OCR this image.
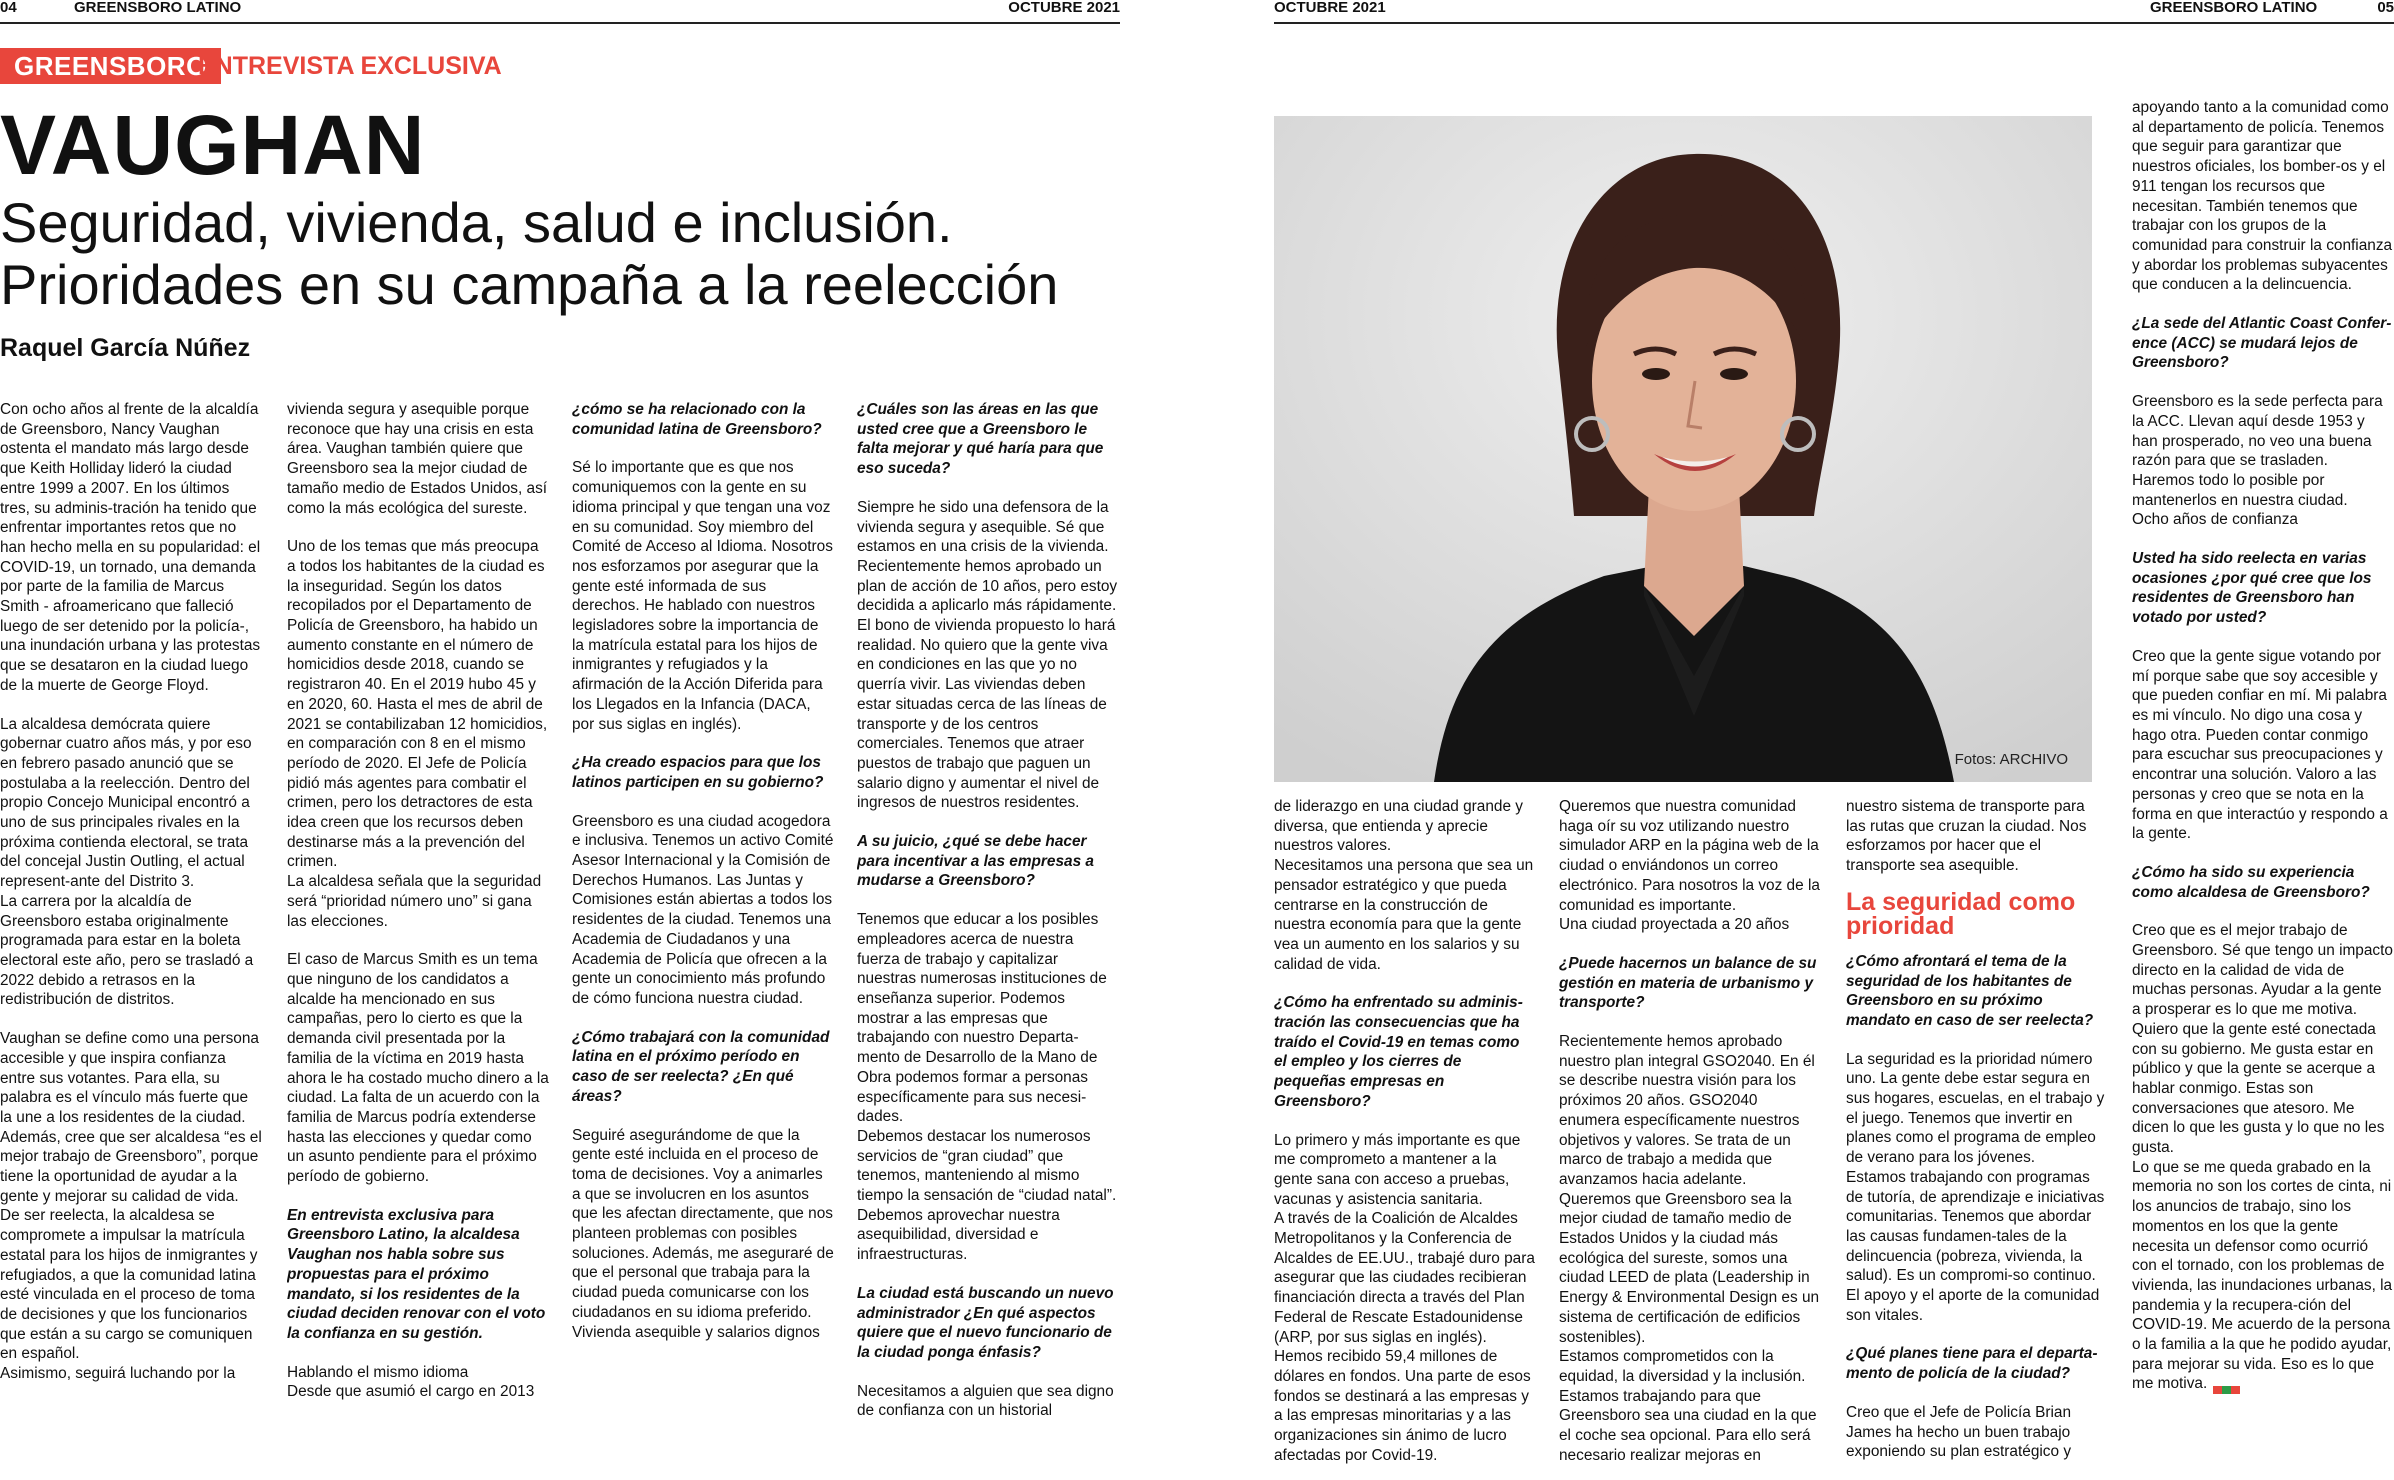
04	GREENSBORO LATINO	OCTUBRE 2021
GREENSBORO
ENTREVISTA EXCLUSIVA
VAUGHAN
Seguridad, vivienda, salud e inclusión.
Prioridades en su campaña a la reelección
Raquel García Núñez

Con ocho años al frente de la alcaldía de Greensboro, Nancy Vaughan ostenta el mandato más largo desde que Keith Holliday lideró la ciudad entre 1999 a 2007. En los últimos tres, su adminis-tración ha tenido que enfrentar importantes retos que no han hecho mella en su popularidad: el COVID-19, un tornado, una demanda por parte de la familia de Marcus Smith - afroamericano que falleció luego de ser detenido por la policía-, una inundación urbana y las protestas que se desataron en la ciudad luego de la muerte de George Floyd.

La alcaldesa demócrata quiere gobernar cuatro años más, y por eso en febrero pasado anunció que se postulaba a la reelección. Dentro del propio Concejo Municipal encontró a uno de sus principales rivales en la próxima contienda electoral, se trata del concejal Justin Outling, el actual represent-ante del Distrito 3.

La carrera por la alcaldía de Greensboro estaba originalmente programada para estar en la boleta electoral este año, pero se trasladó a 2022 debido a retrasos en la redistribución de distritos.

Vaughan se define como una persona accesible y que inspira confianza entre sus votantes. Para ella, su palabra es el vínculo más fuerte que la une a los residentes de la ciudad. Además, cree que ser alcaldesa “es el mejor trabajo de Greensboro”, porque tiene la oportunidad de ayudar a la gente y mejorar su calidad de vida.

De ser reelecta, la alcaldesa se compromete a impulsar la matrícula estatal para los hijos de inmigrantes y refugiados, a que la comunidad latina esté vinculada en el proceso de toma de decisiones y que los funcionarios que están a su cargo se comuniquen en español.

Asimismo, seguirá luchando por la

vivienda segura y asequible porque reconoce que hay una crisis en esta área. Vaughan también quiere que Greensboro sea la mejor ciudad de tamaño medio de Estados Unidos, así como la más ecológica del sureste.

Uno de los temas que más preocupa a todos los habitantes de la ciudad es la inseguridad. Según los datos recopilados por el Departamento de Policía de Greensboro, ha habido un aumento constante en el número de homicidios desde 2018, cuando se registraron 40. En el 2019 hubo 45 y en 2020, 60. Hasta el mes de abril de 2021 se contabilizaban 12 homicidios, en comparación con 8 en el mismo período de 2020. El Jefe de Policía pidió más agentes para combatir el crimen, pero los detractores de esta idea creen que los recursos deben destinarse más a la prevención del crimen.

La alcaldesa señala que la seguridad será “prioridad número uno” si gana las elecciones.

El caso de Marcus Smith es un tema que ninguno de los candidatos a alcalde ha mencionado en sus campañas, pero lo cierto es que la demanda civil presentada por la familia de la víctima en 2019 hasta ahora le ha costado mucho dinero a la ciudad. La falta de un acuerdo con la familia de Marcus podría extenderse hasta las elecciones y quedar como un asunto pendiente para el próximo período de gobierno.

En entrevista exclusiva para Greensboro Latino, la alcaldesa Vaughan nos habla sobre sus propuestas para el próximo mandato, si los residentes de la ciudad deciden renovar con el voto la confianza en su gestión.

Hablando el mismo idioma

Desde que asumió el cargo en 2013

¿cómo se ha relacionado con la comunidad latina de Greensboro?

Sé lo importante que es que nos comuniquemos con la gente en su idioma principal y que tengan una voz en su comunidad. Soy miembro del Comité de Acceso al Idioma. Nosotros nos esforzamos por asegurar que la gente esté informada de sus derechos. He hablado con nuestros legisladores sobre la importancia de la matrícula estatal para los hijos de inmigrantes y refugiados y la afirmación de la Acción Diferida para los Llegados en la Infancia (DACA, por sus siglas en inglés).

¿Ha creado espacios para que los latinos participen en su gobierno?

Greensboro es una ciudad acogedora e inclusiva. Tenemos un activo Comité Asesor Internacional y la Comisión de Derechos Humanos. Las Juntas y Comisiones están abiertas a todos los residentes de la ciudad. Tenemos una Academia de Ciudadanos y una Academia de Policía que ofrecen a la gente un conocimiento más profundo de cómo funciona nuestra ciudad.

¿Cómo trabajará con la comunidad latina en el próximo período en caso de ser reelecta? ¿En qué áreas?

Seguiré asegurándome de que la gente esté incluida en el proceso de toma de decisiones. Voy a animarles a que se involucren en los asuntos que les afectan directamente, que nos planteen problemas con posibles soluciones. Además, me aseguraré de que el personal que trabaja para la ciudad pueda comunicarse con los ciudadanos en su idioma preferido.

Vivienda asequible y salarios dignos

¿Cuáles son las áreas en las que usted cree que a Greensboro le falta mejorar y qué haría para que eso suceda?

Siempre he sido una defensora de la vivienda segura y asequible. Sé que estamos en una crisis de la vivienda. Recientemente hemos aprobado un plan de acción de 10 años, pero estoy decidida a aplicarlo más rápidamente.

El bono de vivienda propuesto lo hará realidad. No quiero que la gente viva en condiciones en las que yo no querría vivir. Las viviendas deben estar situadas cerca de las líneas de transporte y de los centros comerciales. Tenemos que atraer puestos de trabajo que paguen un salario digno y aumentar el nivel de ingresos de nuestros residentes.

A su juicio, ¿qué se debe hacer para incentivar a las empresas a mudarse a Greensboro?

Tenemos que educar a los posibles empleadores acerca de nuestra fuerza de trabajo y capitalizar nuestras numerosas instituciones de enseñanza superior. Podemos mostrar a las empresas que trabajando con nuestro Departa-mento de Desarrollo de la Mano de Obra podemos formar a personas específicamente para sus necesi-dades.

Debemos destacar los numerosos servicios de “gran ciudad” que tenemos, manteniendo al mismo tiempo la sensación de “ciudad natal”. Debemos aprovechar nuestra asequibilidad, diversidad e infraestructuras.

La ciudad está buscando un nuevo administrador ¿En qué aspectos quiere que el nuevo funcionario de la ciudad ponga énfasis?

Necesitamos a alguien que sea digno de confianza con un historial

OCTUBRE 2021	GREENSBORO LATINO	05

de liderazgo en una ciudad grande y diversa, que entienda y aprecie nuestros valores.

Necesitamos una persona que sea un pensador estratégico y que pueda centrarse en la construcción de nuestra economía para que la gente vea un aumento en los salarios y su calidad de vida.

¿Cómo ha enfrentado su adminis-tración las consecuencias que ha traído el Covid-19 en temas como el empleo y los cierres de pequeñas empresas en Greensboro?

Lo primero y más importante es que me comprometo a mantener a la gente sana con acceso a pruebas, vacunas y asistencia sanitaria.

A través de la Coalición de Alcaldes Metropolitanos y la Conferencia de Alcaldes de EE.UU., trabajé duro para asegurar que las ciudades recibieran financiación directa a través del Plan Federal de Rescate Estadounidense (ARP, por sus siglas en inglés). Hemos recibido 59,4 millones de dólares en fondos. Una parte de esos fondos se destinará a las empresas y a las empresas minoritarias y a las organizaciones sin ánimo de lucro afectadas por Covid-19.

Queremos que nuestra comunidad haga oír su voz utilizando nuestro simulador ARP en la página web de la ciudad o enviándonos un correo electrónico. Para nosotros la voz de la comunidad es importante.

Una ciudad proyectada a 20 años

¿Puede hacernos un balance de su gestión en materia de urbanismo y transporte?

Recientemente hemos aprobado nuestro plan integral GSO2040. En él se describe nuestra visión para los próximos 20 años. GSO2040 enumera específicamente nuestros objetivos y valores. Se trata de un marco de trabajo a medida que avanzamos hacia adelante.

Queremos que Greensboro sea la mejor ciudad de tamaño medio de Estados Unidos y la ciudad más ecológica del sureste, somos una ciudad LEED de plata (Leadership in Energy & Environmental Design es un sistema de certificación de edificios sostenibles).

Estamos comprometidos con la equidad, la diversidad y la inclusión. Estamos trabajando para que Greensboro sea una ciudad en la que el coche sea opcional. Para ello será necesario realizar mejoras en

nuestro sistema de transporte para las rutas que cruzan la ciudad. Nos esforzamos por hacer que el transporte sea asequible.

La seguridad como prioridad

¿Cómo afrontará el tema de la seguridad de los habitantes de Greensboro en su próximo mandato en caso de ser reelecta?

La seguridad es la prioridad número uno. La gente debe estar segura en sus hogares, escuelas, en el trabajo y el juego. Tenemos que invertir en planes como el programa de empleo de verano para los jóvenes.

Estamos trabajando con programas de tutoría, de aprendizaje e iniciativas comunitarias. Tenemos que abordar las causas fundamen-tales de la delincuencia (pobreza, vivienda, la salud). Es un compromi-so continuo. El apoyo y el aporte de la comunidad son vitales.

¿Qué planes tiene para el departa-mento de policía de la ciudad?

Creo que el Jefe de Policía Brian James ha hecho un buen trabajo exponiendo su plan estratégico y

apoyando tanto a la comunidad como al departamento de policía. Tenemos que seguir para garantizar que nuestros oficiales, los bomber-os y el 911 tengan los recursos que necesitan. También tenemos que trabajar con los grupos de la comunidad para construir la confianza y abordar los problemas subyacentes que conducen a la delincuencia.

¿La sede del Atlantic Coast Confer-ence (ACC) se mudará lejos de Greensboro?

Greensboro es la sede perfecta para la ACC. Llevan aquí desde 1953 y han prosperado, no veo una buena razón para que se trasladen. Haremos todo lo posible por mantenerlos en nuestra ciudad.

Ocho años de confianza

Usted ha sido reelecta en varias ocasiones ¿por qué cree que los residentes de Greensboro han votado por usted?

Creo que la gente sigue votando por mí porque sabe que soy accesible y que pueden confiar en mí. Mi palabra es mi vínculo. No digo una cosa y hago otra. Pueden contar conmigo para escuchar sus preocupaciones y encontrar una solución. Valoro a las personas y creo que se nota en la forma en que interactúo y respondo a la gente.

¿Cómo ha sido su experiencia como alcaldesa de Greensboro?

Creo que es el mejor trabajo de Greensboro. Sé que tengo un impacto directo en la calidad de vida de muchas personas. Ayudar a la gente a prosperar es lo que me motiva. Quiero que la gente esté conectada con su gobierno. Me gusta estar en público y que la gente se acerque a hablar conmigo. Estas son conversaciones que atesoro. Me dicen lo que les gusta y lo que no les gusta.

Lo que se me queda grabado en la memoria no son los cortes de cinta, ni los anuncios de trabajo, sino los momentos en los que la gente necesita un defensor como ocurrió con el tornado, con los problemas de vivienda, las inundaciones urbanas, la pandemia y la recupera-ción del COVID-19. Me acuerdo de la persona o la familia a la que he podido ayudar, para mejorar su vida. Eso es lo que me motiva.

Fotos: ARCHIVO
